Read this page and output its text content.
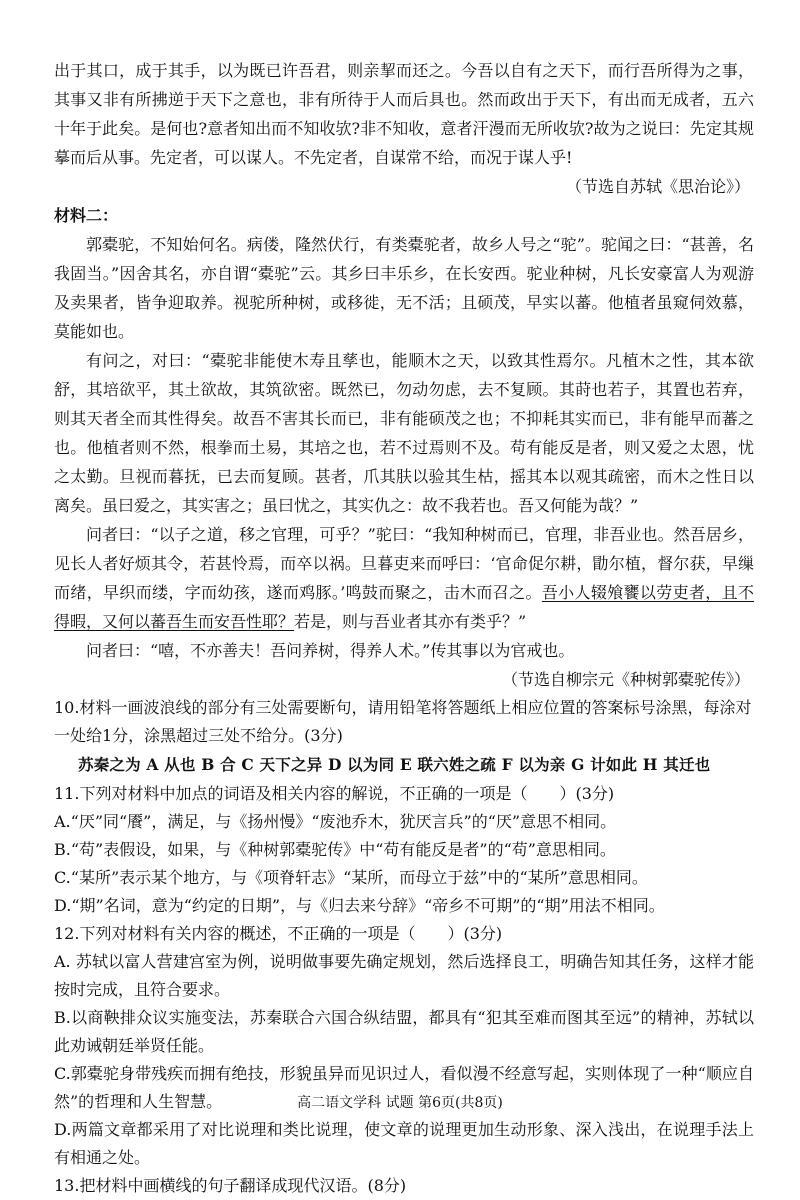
出于其口，成于其手，以为既已许吾君，则亲挈而还之。今吾以自有之天下，而行吾所得为之事，其事又非有所拂逆于天下之意也，非有所待于人而后具也。然而政出于天下，有出而无成者，五六十年于此矣。是何也?意者知出而不知收欤?非不知收，意者汗漫而无所收欤?故为之说曰：先定其规摹而后从事。先定者，可以谋人。不先定者，自谋常不给，而况于谋人乎!

（节选自苏轼《思治论》）

材料二：

郭橐驼，不知始何名。病偻，隆然伏行，有类橐驼者，故乡人号之“驼”。驼闻之曰：“甚善，名我固当。”因舍其名，亦自谓“橐驼”云。其乡曰丰乐乡，在长安西。驼业种树，凡长安豪富人为观游及卖果者，皆争迎取养。视驼所种树，或移徙，无不活；且硕茂，早实以蕃。他植者虽窥伺效慕，莫能如也。

有问之，对曰：“橐驼非能使木寿且孳也，能顺木之天，以致其性焉尔。凡植木之性，其本欲舒，其培欲平，其土欲故，其筑欲密。既然已，勿动勿虑，去不复顾。其莳也若子，其置也若弃，则其天者全而其性得矣。故吾不害其长而已，非有能硕茂之也；不抑耗其实而已，非有能早而蕃之也。他植者则不然，根拳而土易，其培之也，若不过焉则不及。苟有能反是者，则又爱之太恩，忧之太勤。旦视而暮抚，已去而复顾。甚者，爪其肤以验其生枯，摇其本以观其疏密，而木之性日以离矣。虽曰爱之，其实害之；虽曰忧之，其实仇之：故不我若也。吾又何能为哉？”

问者曰：“以子之道，移之官理，可乎？”驼曰：“我知种树而已，官理，非吾业也。然吾居乡，见长人者好烦其令，若甚怜焉，而卒以祸。旦暮吏来而呼曰：‘官命促尔耕，勖尔植，督尔获，早缫而绪，早织而缕，字而幼孩，遂而鸡豚。’鸣鼓而聚之，击木而召之。吾小人辍飧饔以劳吏者，且不得暇，又何以蕃吾生而安吾性耶？若是，则与吾业者其亦有类乎？”

问者曰：“嘻，不亦善夫！吾问养树，得养人术。”传其事以为官戒也。

（节选自柳宗元《种树郭橐驼传》）

10.材料一画波浪线的部分有三处需要断句，请用铅笔将答题纸上相应位置的答案标号涂黑，每涂对一处给1分，涂黑超过三处不给分。(3分)

苏秦之为 A 从也 B 合 C 天下之异 D 以为同 E 联六姓之疏 F 以为亲 G 计如此 H 其迁也

11.下列对材料中加点的词语及相关内容的解说，不正确的一项是（　　）(3分)

A.“厌”同“餍”，满足，与《扬州慢》“废池乔木，犹厌言兵”的“厌”意思不相同。

B.“苟”表假设，如果，与《种树郭橐驼传》中“苟有能反是者”的“苟”意思相同。

C.“某所”表示某个地方，与《项脊轩志》“某所，而母立于兹”中的“某所”意思相同。

D.“期”名词，意为“约定的日期”，与《归去来兮辞》“帝乡不可期”的“期”用法不相同。

12.下列对材料有关内容的概述，不正确的一项是（　　）(3分)

A. 苏轼以富人营建宫室为例，说明做事要先确定规划，然后选择良工，明确告知其任务，这样才能按时完成，且符合要求。

B.以商鞅排众议实施变法，苏秦联合六国合纵结盟，都具有“犯其至难而图其至远”的精神，苏轼以此劝诫朝廷举贤任能。

C.郭橐驼身带残疾而拥有绝技，形貌虽异而见识过人，看似漫不经意写起，实则体现了一种“顺应自然”的哲理和人生智慧。

D.两篇文章都采用了对比说理和类比说理，使文章的说理更加生动形象、深入浅出，在说理手法上有相通之处。

13.把材料中画横线的句子翻译成现代汉语。(8分)

高二语文学科 试题 第6页(共8页)
